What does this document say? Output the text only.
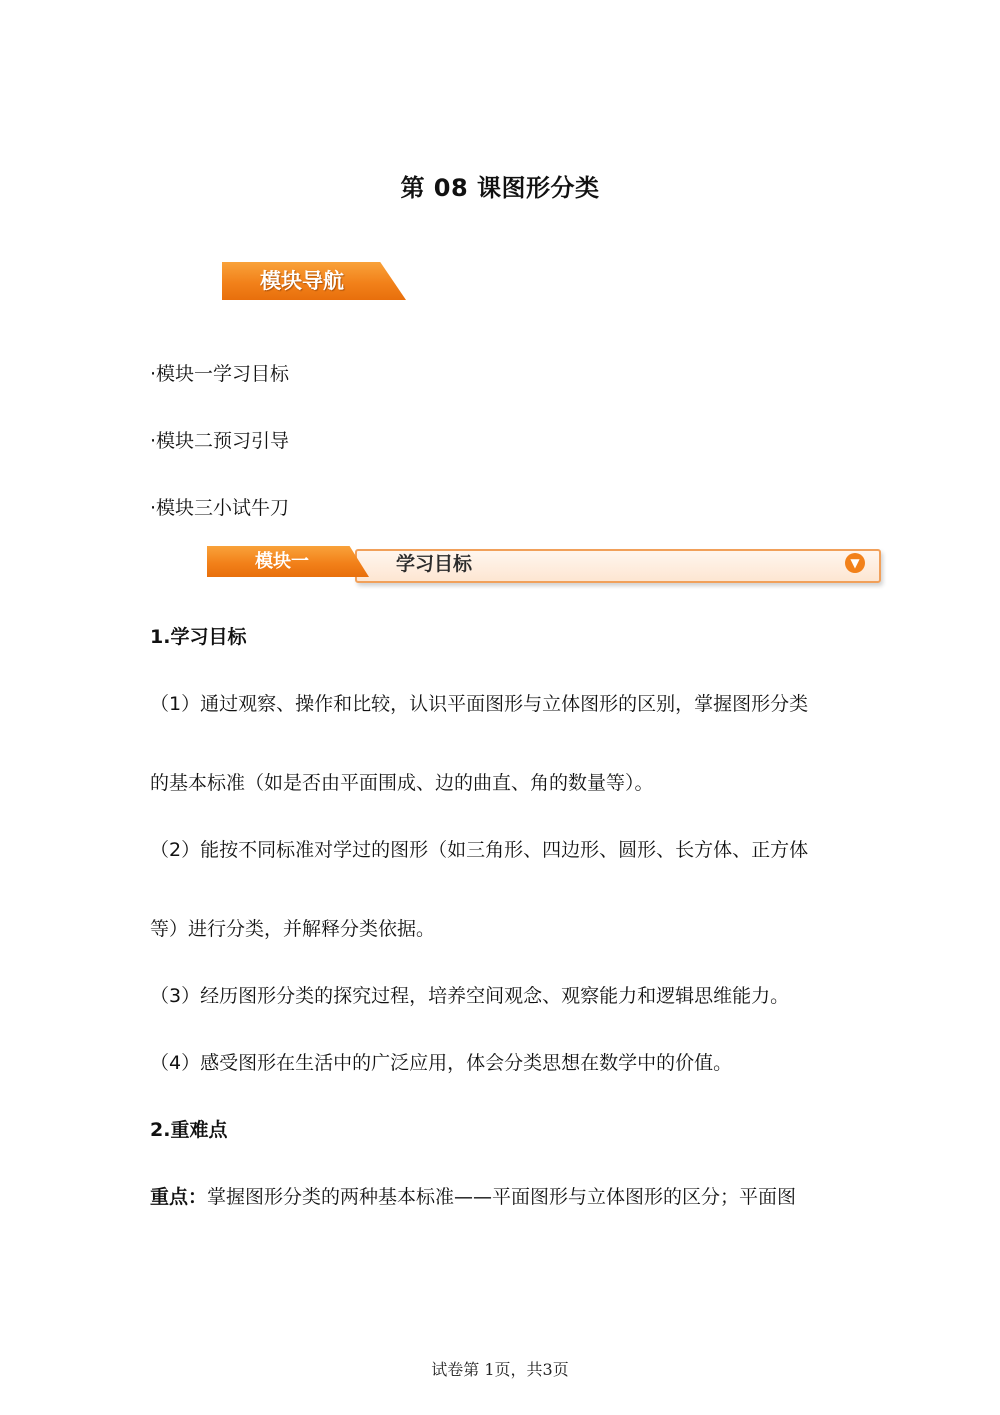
第 08 课图形分类
模块导航
·模块一学习目标
·模块二预习引导
·模块三小试牛刀
模块一	学习目标	▼
1.学习目标
（1）通过观察、操作和比较，认识平面图形与立体图形的区别，掌握图形分类
的基本标准（如是否由平面围成、边的曲直、角的数量等）。
（2）能按不同标准对学过的图形（如三角形、四边形、圆形、长方体、正方体
等）进行分类，并解释分类依据。
（3）经历图形分类的探究过程，培养空间观念、观察能力和逻辑思维能力。
（4）感受图形在生活中的广泛应用，体会分类思想在数学中的价值。
2.重难点
重点：掌握图形分类的两种基本标准——平面图形与立体图形的区分；平面图
试卷第 1页，共3页
